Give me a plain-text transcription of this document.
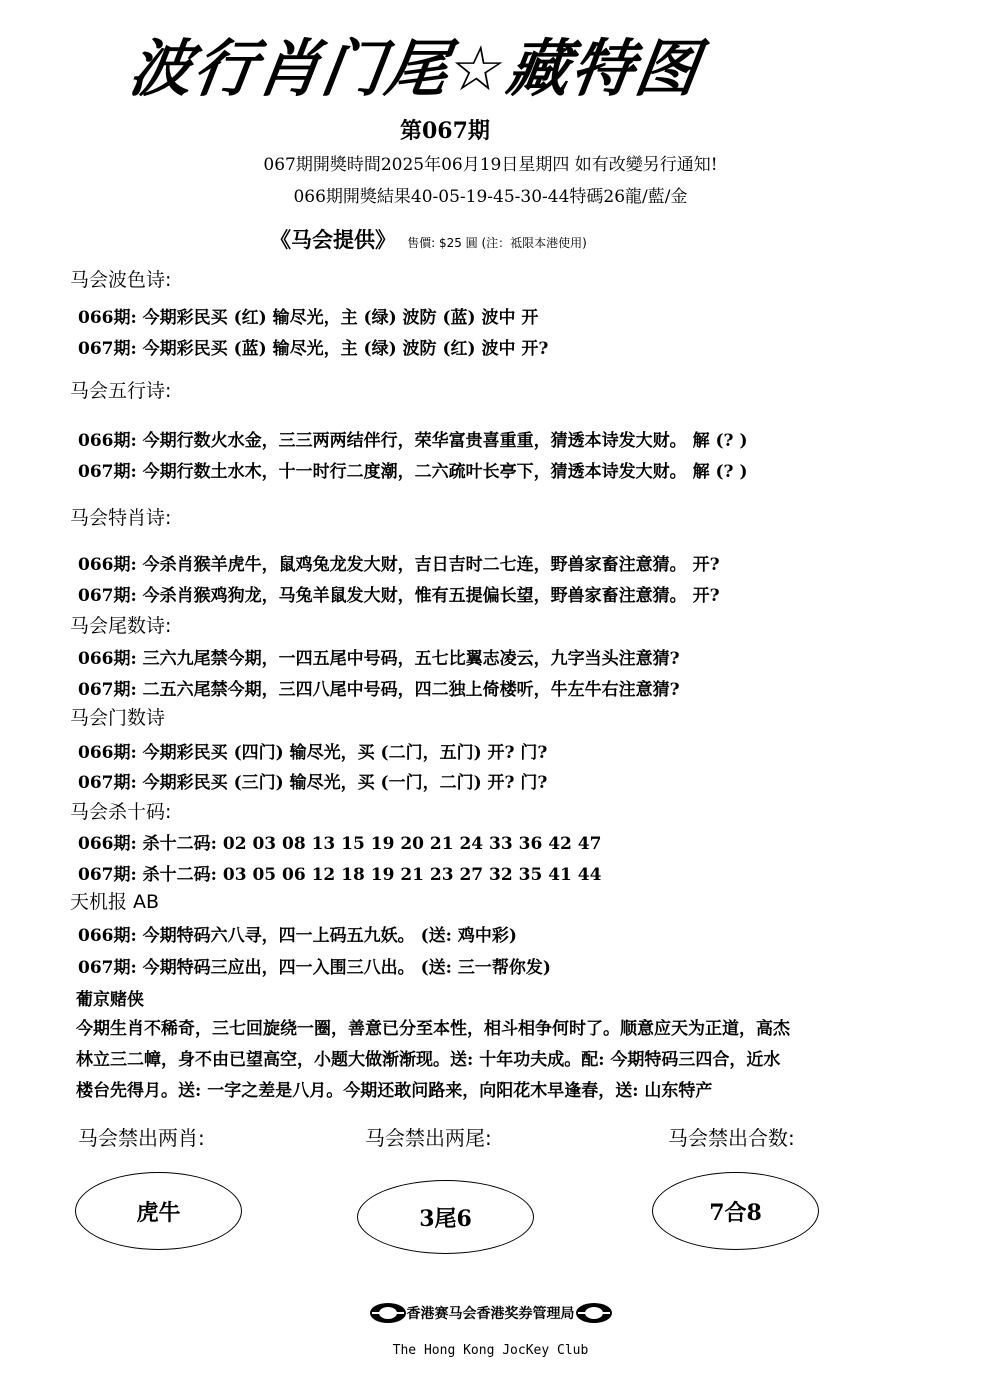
波行肖门尾☆藏特图
第067期
067期開獎時間2025年06月19日星期四 如有改變另行通知!
066期開獎結果40-05-19-45-30-44特碼26龍/藍/金
《马会提供》 售價: $25 圓 (注：祗限本港使用)
马会波色诗:
066期: 今期彩民买 (红) 输尽光，主 (绿) 波防 (蓝) 波中 开
067期: 今期彩民买 (蓝) 输尽光，主 (绿) 波防 (红) 波中 开?
马会五行诗:
066期: 今期行数火水金，三三两两结伴行，荣华富贵喜重重，猜透本诗发大财。 解 (? )
067期: 今期行数土水木，十一时行二度潮，二六疏叶长亭下，猜透本诗发大财。 解 (? )
马会特肖诗:
066期: 今杀肖猴羊虎牛，鼠鸡兔龙发大财，吉日吉时二七连，野兽家畜注意猜。 开?
067期: 今杀肖猴鸡狗龙，马兔羊鼠发大财，惟有五提偏长望，野兽家畜注意猜。 开?
马会尾数诗:
066期: 三六九尾禁今期，一四五尾中号码，五七比翼志凌云，九字当头注意猜?
067期: 二五六尾禁今期，三四八尾中号码，四二独上倚楼听，牛左牛右注意猜?
马会门数诗
066期: 今期彩民买 (四门) 输尽光，买 (二门，五门) 开? 门?
067期: 今期彩民买 (三门) 输尽光，买 (一门，二门) 开? 门?
马会杀十码:
066期: 杀十二码: 02 03 08 13 15 19 20 21 24 33 36 42 47
067期: 杀十二码: 03 05 06 12 18 19 21 23 27 32 35 41 44
天机报 AB
066期: 今期特码六八寻，四一上码五九妖。 (送: 鸡中彩)
067期: 今期特码三应出，四一入围三八出。 (送: 三一帮你发)
葡京赌侠
今期生肖不稀奇，三七回旋绕一圈，善意已分至本性，相斗相争何时了。顺意应天为正道，高杰
林立三二幛，身不由已望高空，小题大做渐渐现。送: 十年功夫成。配: 今期特码三四合，近水
楼台先得月。送: 一字之差是八月。今期还敢问路来，向阳花木早逢春，送: 山东特产
马会禁出两肖:	马会禁出两尾:	马会禁出合数:
虎牛	3尾6	7合8
香港赛马会香港奖券管理局
The Hong Kong JocKey Club
